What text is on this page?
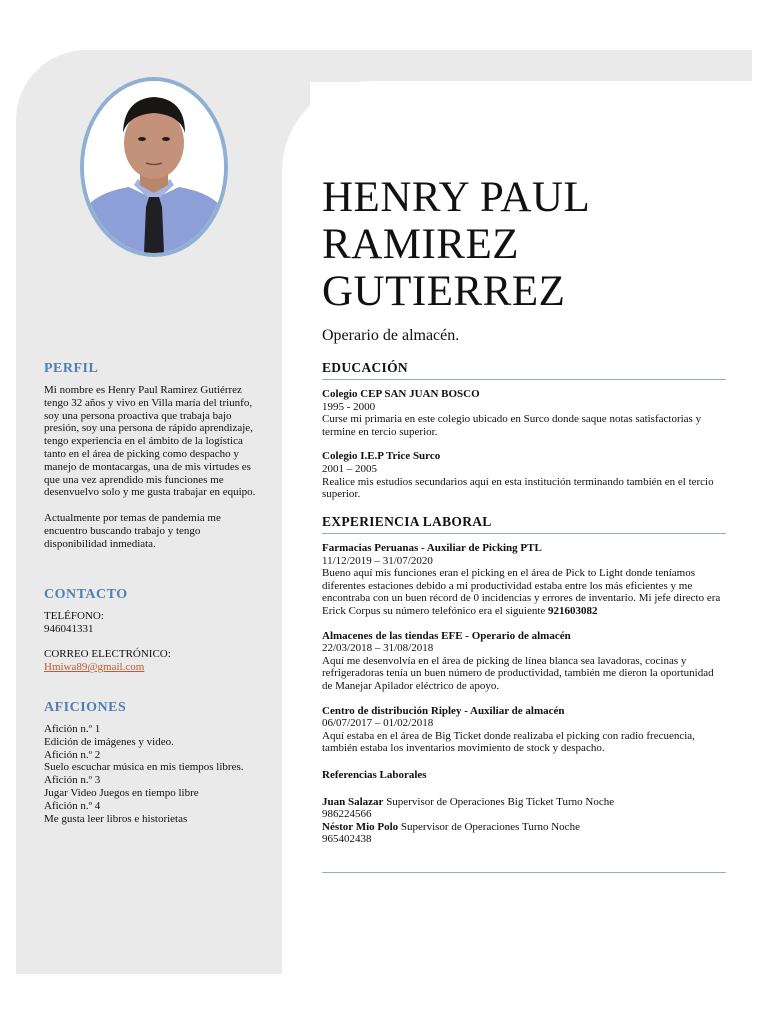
PERFIL

Mi nombre es Henry Paul Ramirez Gutiérrez tengo 32 años y vivo en Villa maría del triunfo, soy una persona proactiva que trabaja bajo presión, soy una persona de rápido aprendizaje, tengo experiencia en el ámbito de la logística tanto en el área de picking como despacho y manejo de montacargas, una de mis virtudes es que una vez aprendido mis funciones me desenvuelvo solo y me gusta trabajar en equipo.

Actualmente por temas de pandemia me encuentro buscando trabajo y tengo disponibilidad inmediata.

CONTACTO

TELÉFONO:

946041331

CORREO ELECTRÓNICO:

Hmiwa89@gmail.com

AFICIONES

Afición n.º 1

Edición de imágenes y video.

Afición n.º 2

Suelo escuchar música en mis tiempos libres.

Afición n.º 3

Jugar Video Juegos en tiempo libre

Afición n.º 4

Me gusta leer libros e historietas

HENRY PAUL
RAMIREZ
GUTIERREZ
Operario de almacén.
EDUCACIÓN

Colegio CEP SAN JUAN BOSCO

1995 - 2000

Curse mi primaria en este colegio ubicado en Surco donde saque notas satisfactorias y termine en tercio superior.

Colegio I.E.P Trice Surco

2001 – 2005

Realice mis estudios secundarios aquí en esta institución terminando también en el tercio superior.

EXPERIENCIA LABORAL

Farmacias Peruanas - Auxiliar de Picking PTL

11/12/2019 – 31/07/2020

Bueno aquí mis funciones eran el picking en el área de Pick to Light donde teníamos diferentes estaciones debido a mi productividad estaba entre los más eficientes y me encontraba con un buen récord de 0 incidencias y errores de inventario. Mi jefe directo era Erick Corpus su número telefónico era el siguiente 921603082

Almacenes de las tiendas EFE - Operario de almacén

22/03/2018 – 31/08/2018

Aquí me desenvolvía en el área de picking de línea blanca sea lavadoras, cocinas y refrigeradoras tenía un buen número de productividad, también me dieron la oportunidad de Manejar Apilador eléctrico de apoyo.

Centro de distribución Ripley - Auxiliar de almacén

06/07/2017 – 01/02/2018

Aquí estaba en el área de Big Ticket donde realizaba el picking con radio frecuencia, también estaba los inventarios movimiento de stock y despacho.

Referencias Laborales

Juan Salazar Supervisor de Operaciones Big Ticket Turno Noche

986224566

Néstor Mio Polo Supervisor de Operaciones Turno Noche

965402438
